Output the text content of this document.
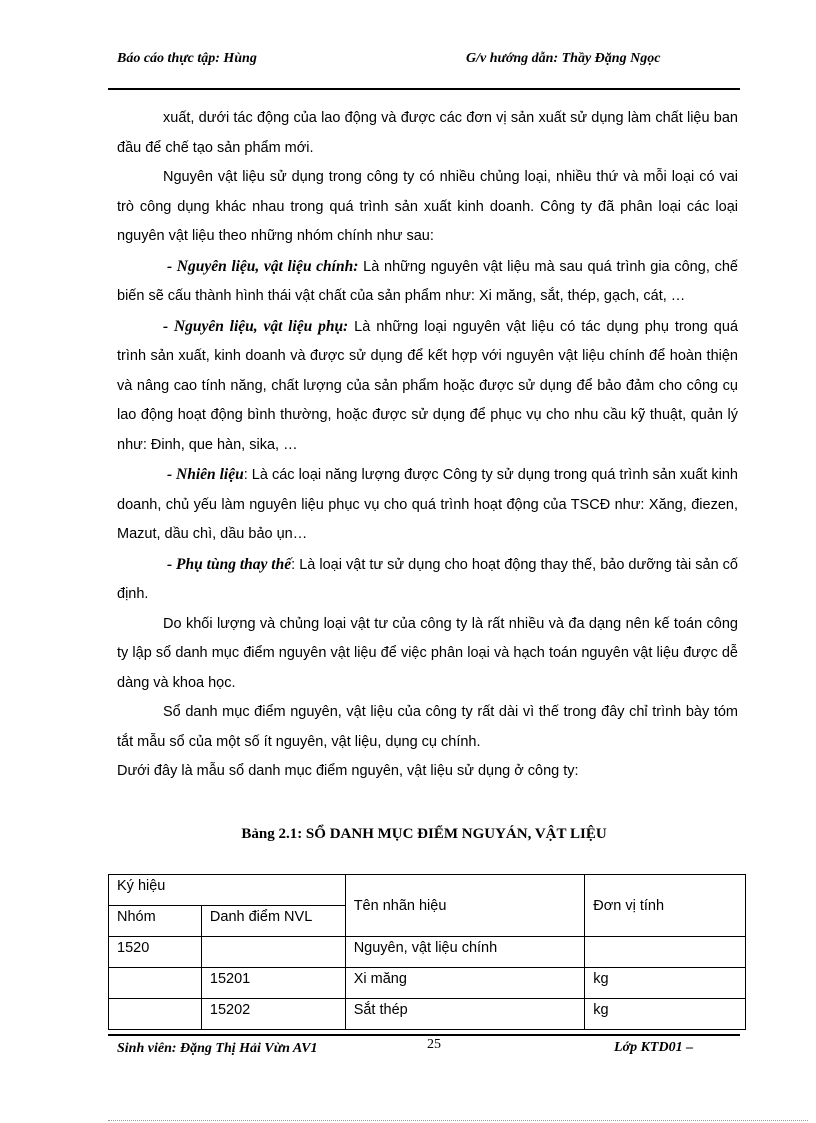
Báo cáo thực tập: Hùng	G/v hướng dẫn: Thầy Đặng Ngọc

xuất, dưới tác động của lao động và được các đơn vị sản xuất sử dụng làm chất liệu ban đầu để chế tạo sản phẩm mới.

Nguyên vật liệu sử dụng trong công ty có nhiều chủng loại, nhiều thứ và mỗi loại có vai trò công dụng khác nhau trong quá trình sản xuất kinh doanh. Công ty đã phân loại các loại nguyên vật liệu theo những nhóm chính như sau:

- Nguyên liệu, vật liệu chính: Là những nguyên vật liệu mà sau quá trình gia công, chế biến sẽ cấu thành hình thái vật chất của sản phẩm như: Xi măng, sắt, thép, gạch, cát, …

- Nguyên liệu, vật liệu phụ: Là những loại nguyên vật liệu có tác dụng phụ trong quá trình sản xuất, kinh doanh và được sử dụng để kết hợp với nguyên vật liệu chính để hoàn thiện và nâng cao tính năng, chất lượng của sản phẩm hoặc được sử dụng để bảo đảm cho công cụ lao động hoạt động bình thường, hoặc được sử dụng để phục vụ cho nhu cầu kỹ thuật, quản lý như: Đinh, que hàn, sika, …

- Nhiên liệu: Là các loại năng lượng được Công ty sử dụng trong quá trình sản xuất kinh doanh, chủ yếu làm nguyên liệu phục vụ cho quá trình hoạt động của TSCĐ như: Xăng, điezen, Mazut, dầu chì, dầu bảo ụn…

- Phụ tùng thay thế: Là loại vật tư sử dụng cho hoạt động thay thế, bảo dưỡng tài sản cố định.

Do khối lượng và chủng loại vật tư của công ty là rất nhiều và đa dạng nên kế toán công ty lập sổ danh mục điểm nguyên vật liệu để việc phân loại và hạch toán nguyên vật liệu được dễ dàng và khoa học.

Sổ danh mục điểm nguyên, vật liệu của công ty rất dài vì thế trong đây chỉ trình bày tóm tắt mẫu sổ của một số ít nguyên, vật liệu, dụng cụ chính.

Dưới đây là mẫu sổ danh mục điểm nguyên, vật liệu sử dụng ở công ty:

Bảng 2.1: SỔ DANH MỤC ĐIỂM NGUYÁN, VẬT LIỆU
Ký hiệu		Tên nhãn hiệu	Đơn vị tính
Nhóm	Danh điểm NVL		
1520		Nguyên, vật liệu chính	
	15201	Xi măng	kg
	15202	Sắt thép	kg
Sinh viên: Đặng Thị Hải Vừn AV1	25	Lớp KTD01 –
